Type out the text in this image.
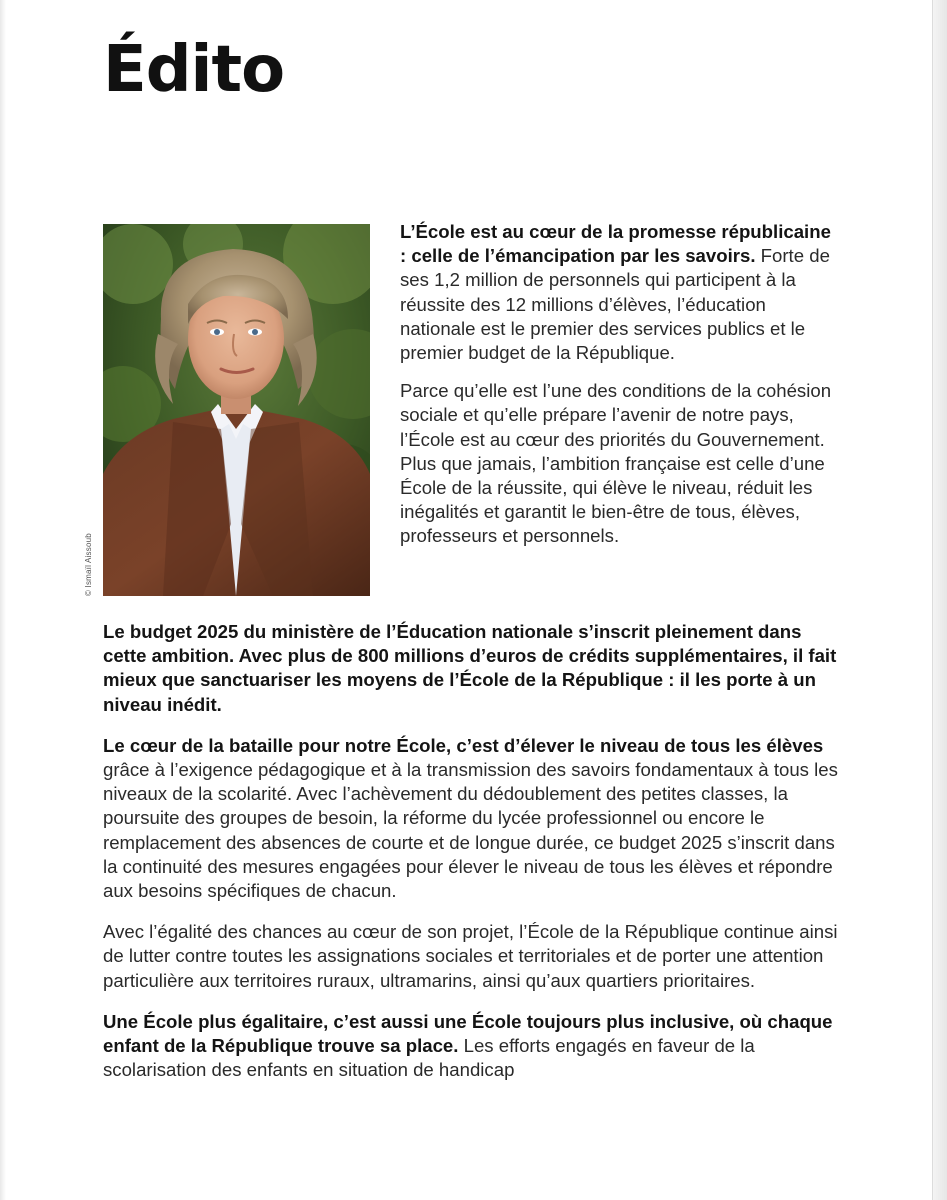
Édito
© Ismaïl Aissoub

L’École est au cœur de la promesse républicaine : celle de l’émancipation par les savoirs. Forte de ses 1,2 million de personnels qui participent à la réussite des 12 millions d’élèves, l’éducation nationale est le premier des services publics et le premier budget de la République.

Parce qu’elle est l’une des conditions de la cohésion sociale et qu’elle prépare l’avenir de notre pays, l’École est au cœur des priorités du Gouvernement. Plus que jamais, l’ambition française est celle d’une École de la réussite, qui élève le niveau, réduit les inégalités et garantit le bien-être de tous, élèves, professeurs et personnels.

Le budget 2025 du ministère de l’Éducation nationale s’inscrit pleinement dans cette ambition. Avec plus de 800 millions d’euros de crédits supplémentaires, il fait mieux que sanctuariser les moyens de l’École de la République : il les porte à un niveau inédit.

Le cœur de la bataille pour notre École, c’est d’élever le niveau de tous les élèves grâce à l’exigence pédagogique et à la transmission des savoirs fondamentaux à tous les niveaux de la scolarité. Avec l’achèvement du dédoublement des petites classes, la poursuite des groupes de besoin, la réforme du lycée professionnel ou encore le remplacement des absences de courte et de longue durée, ce budget 2025 s’inscrit dans la continuité des mesures engagées pour élever le niveau de tous les élèves et répondre aux besoins spécifiques de chacun.

Avec l’égalité des chances au cœur de son projet, l’École de la République continue ainsi de lutter contre toutes les assignations sociales et territoriales et de porter une attention particulière aux territoires ruraux, ultramarins, ainsi qu’aux quartiers prioritaires.

Une École plus égalitaire, c’est aussi une École toujours plus inclusive, où chaque enfant de la République trouve sa place. Les efforts engagés en faveur de la scolarisation des enfants en situation de handicap
